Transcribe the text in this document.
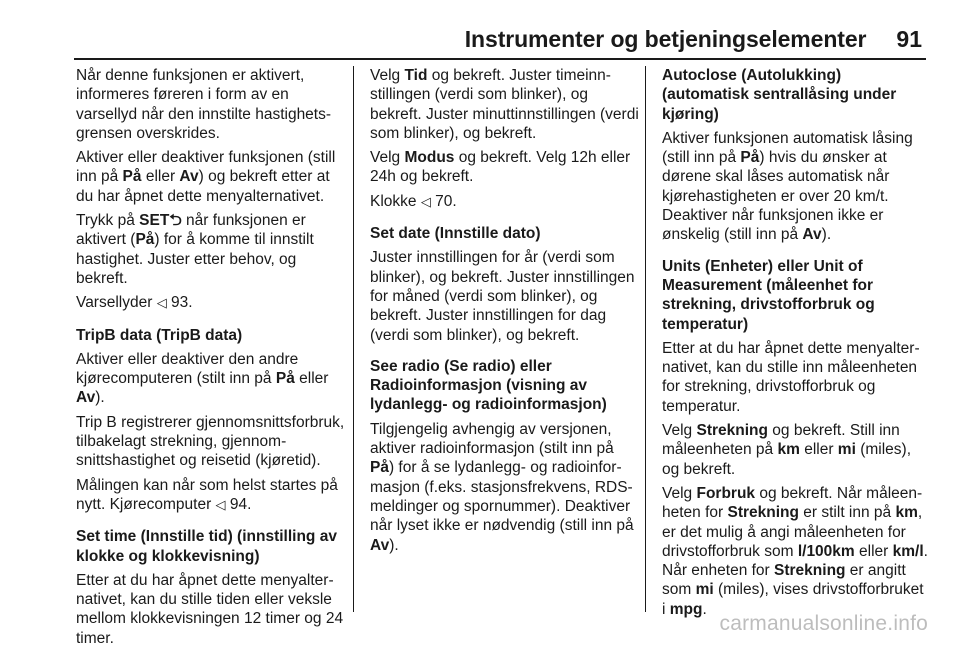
Instrumenter og betjeningselementer 91

Når denne funksjonen er aktivert, informeres føreren i form av en varsellyd når den innstilte hastighetsgrensen overskrides.

Aktiver eller deaktiver funksjonen (still inn på På eller Av) og bekreft etter at du har åpnet dette menyalternativet.

Trykk på SET⮌ når funksjonen er aktivert (På) for å komme til innstilt hastighet. Juster etter behov, og bekreft.

Varsellyder ◁ 93.

TripB data (TripB data)

Aktiver eller deaktiver den andre kjørecomputeren (stilt inn på På eller Av).

Trip B registrerer gjennomsnittsforbruk, tilbakelagt strekning, gjennomsnittshastighet og reisetid (kjøretid).

Målingen kan når som helst startes på nytt. Kjørecomputer ◁ 94.

Set time (Innstille tid) (innstilling av klokke og klokkevisning)

Etter at du har åpnet dette menyalternativet, kan du stille tiden eller veksle mellom klokkevisningen 12 timer og 24 timer.

Velg Tid og bekreft. Juster timeinnstillingen (verdi som blinker), og bekreft. Juster minuttinnstillingen (verdi som blinker), og bekreft.

Velg Modus og bekreft. Velg 12h eller 24h og bekreft.

Klokke ◁ 70.

Set date (Innstille dato)

Juster innstillingen for år (verdi som blinker), og bekreft. Juster innstillingen for måned (verdi som blinker), og bekreft. Juster innstillingen for dag (verdi som blinker), og bekreft.

See radio (Se radio) eller Radioinformasjon (visning av lydanlegg- og radioinformasjon)

Tilgjengelig avhengig av versjonen, aktiver radioinformasjon (stilt inn på På) for å se lydanlegg- og radioinformasjon (f.eks. stasjonsfrekvens, RDS-meldinger og spornummer). Deaktiver når lyset ikke er nødvendig (still inn på Av).

Autoclose (Autolukking) (automatisk sentrallåsing under kjøring)

Aktiver funksjonen automatisk låsing (still inn på På) hvis du ønsker at dørene skal låses automatisk når kjørehastigheten er over 20 km/t. Deaktiver når funksjonen ikke er ønskelig (still inn på Av).

Units (Enheter) eller Unit of Measurement (måleenhet for strekning, drivstofforbruk og temperatur)

Etter at du har åpnet dette menyalternativet, kan du stille inn måleenheten for strekning, drivstofforbruk og temperatur.

Velg Strekning og bekreft. Still inn måleenheten på km eller mi (miles), og bekreft.

Velg Forbruk og bekreft. Når måleenheten for Strekning er stilt inn på km, er det mulig å angi måleenheten for drivstofforbruk som l/100km eller km/l. Når enheten for Strekning er angitt som mi (miles), vises drivstofforbruket i mpg.

carmanualsonline.info
